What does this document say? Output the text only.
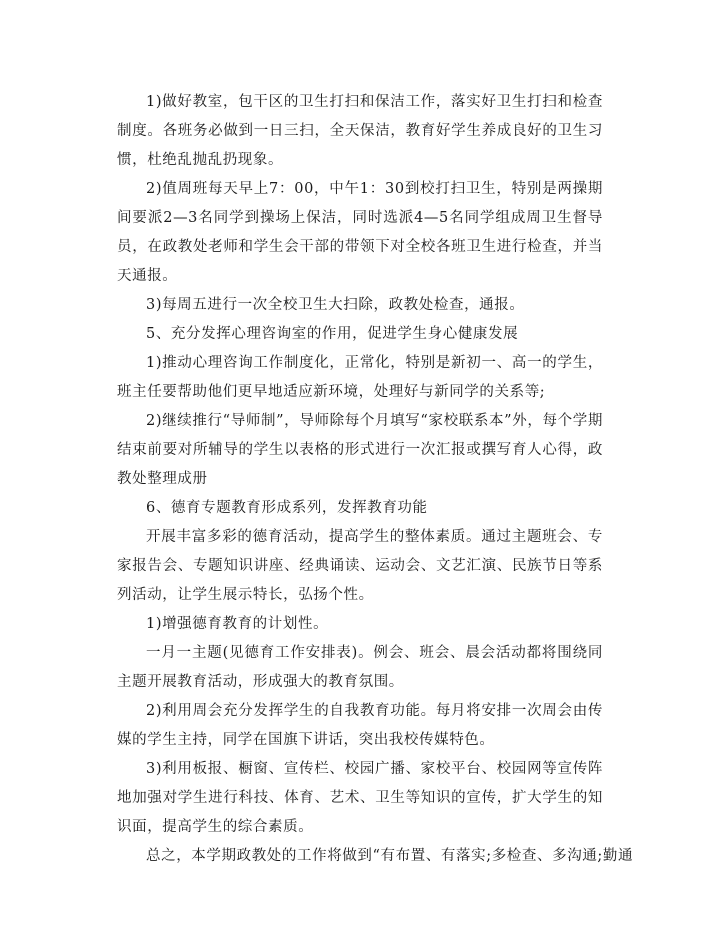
1)做好教室，包干区的卫生打扫和保洁工作，落实好卫生打扫和检查制度。各班务必做到一日三扫，全天保洁，教育好学生养成良好的卫生习惯，杜绝乱抛乱扔现象。

2)值周班每天早上7：00，中午1：30到校打扫卫生，特别是两操期间要派2—3名同学到操场上保洁，同时选派4—5名同学组成周卫生督导员，在政教处老师和学生会干部的带领下对全校各班卫生进行检查，并当天通报。

3)每周五进行一次全校卫生大扫除，政教处检查，通报。

5、充分发挥心理咨询室的作用，促进学生身心健康发展

1)推动心理咨询工作制度化，正常化，特别是新初一、高一的学生，班主任要帮助他们更早地适应新环境，处理好与新同学的关系等;

2)继续推行“导师制”，导师除每个月填写“家校联系本”外，每个学期结束前要对所辅导的学生以表格的形式进行一次汇报或撰写育人心得，政教处整理成册

6、德育专题教育形成系列，发挥教育功能

开展丰富多彩的德育活动，提高学生的整体素质。通过主题班会、专家报告会、专题知识讲座、经典诵读、运动会、文艺汇演、民族节日等系列活动，让学生展示特长，弘扬个性。

1)增强德育教育的计划性。

一月一主题(见德育工作安排表)。例会、班会、晨会活动都将围绕同主题开展教育活动，形成强大的教育氛围。

2)利用周会充分发挥学生的自我教育功能。每月将安排一次周会由传媒的学生主持，同学在国旗下讲话，突出我校传媒特色。

3)利用板报、橱窗、宣传栏、校园广播、家校平台、校园网等宣传阵地加强对学生进行科技、体育、艺术、卫生等知识的宣传，扩大学生的知识面，提高学生的综合素质。

总之，本学期政教处的工作将做到“有布置、有落实;多检查、多沟通;勤通
